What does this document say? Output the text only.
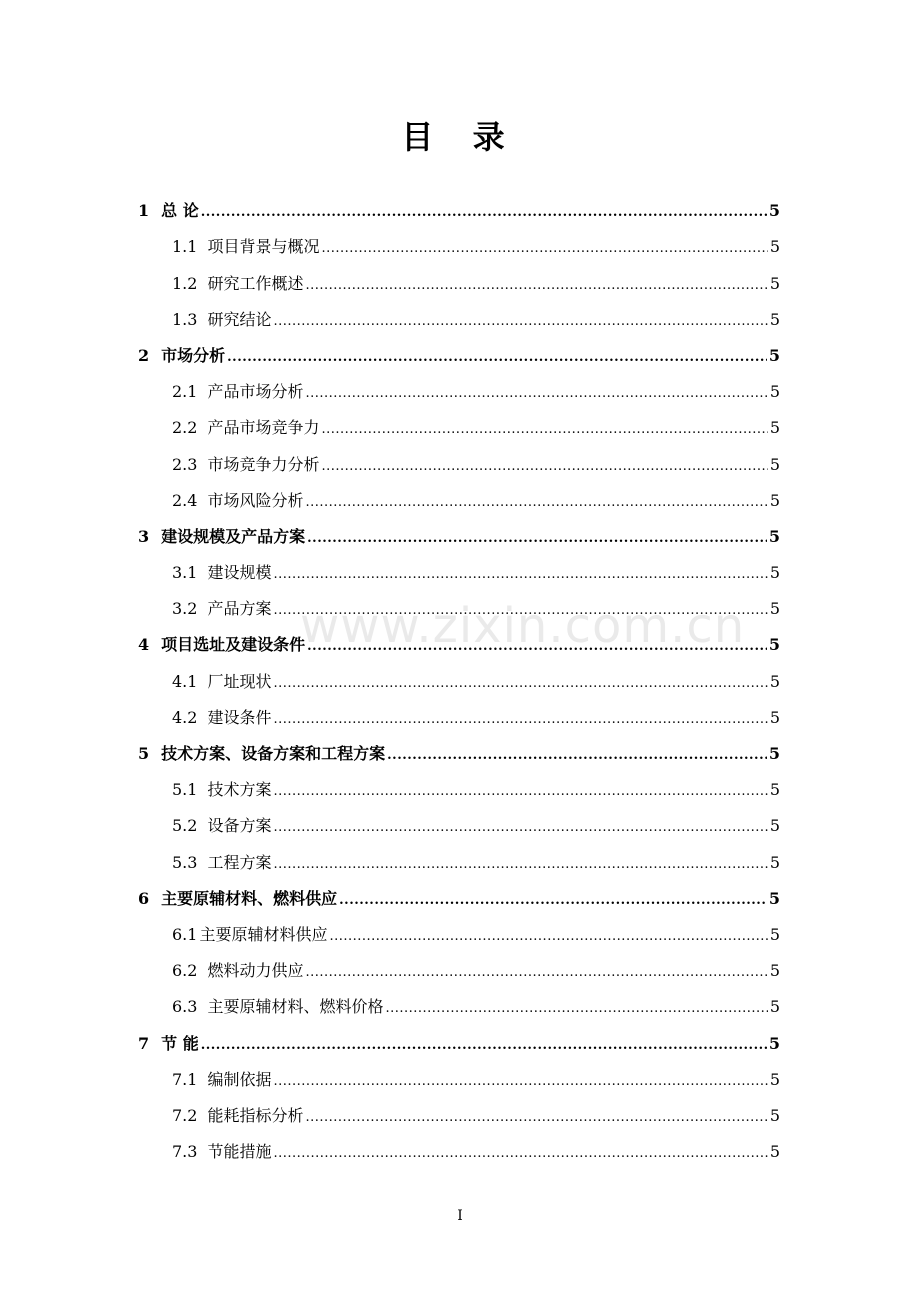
目 录
1 总 论 .....	5
1.1 项目背景与概况 .....	5
1.2 研究工作概述 .....	5
1.3 研究结论 .....	5
2 市场分析 .....	5
2.1 产品市场分析 .....	5
2.2 产品市场竞争力 .....	5
2.3 市场竞争力分析 .....	5
2.4 市场风险分析 .....	5
3 建设规模及产品方案 .....	5
3.1 建设规模 .....	5
3.2 产品方案 .....	5
4 项目选址及建设条件 .....	5
4.1 厂址现状 .....	5
4.2 建设条件 .....	5
5 技术方案、设备方案和工程方案 .....	5
5.1 技术方案 .....	5
5.2 设备方案 .....	5
5.3 工程方案 .....	5
6 主要原辅材料、燃料供应 .....	5
6.1 主要原辅材料供应 .....	5
6.2 燃料动力供应 .....	5
6.3 主要原辅材料、燃料价格 .....	5
7 节 能 .....	5
7.1 编制依据 .....	5
7.2 能耗指标分析 .....	5
7.3 节能措施 .....	5
www.zixin.com.cn
I
